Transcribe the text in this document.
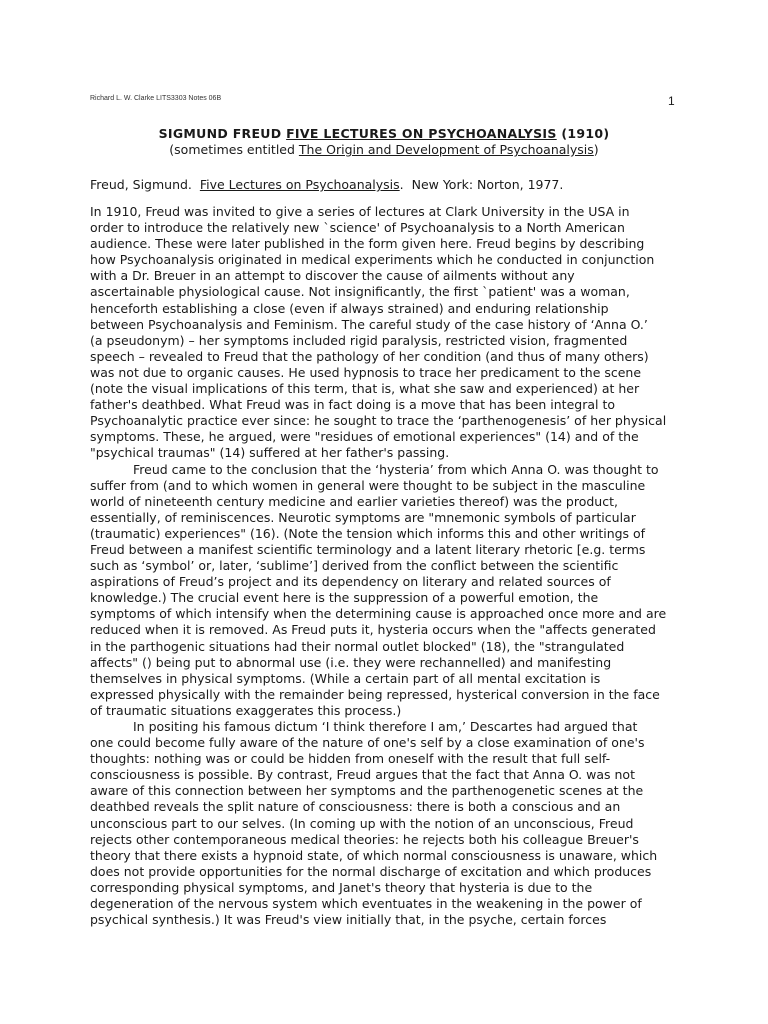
Richard L. W. Clarke LITS3303 Notes 06B	1
SIGMUND FREUD FIVE LECTURES ON PSYCHOANALYSIS (1910)
(sometimes entitled The Origin and Development of Psychoanalysis)
Freud, Sigmund.  Five Lectures on Psychoanalysis.  New York: Norton, 1977.
In 1910, Freud was invited to give a series of lectures at Clark University in the USA in
order to introduce the relatively new `science' of Psychoanalysis to a North American
audience. These were later published in the form given here. Freud begins by describing
how Psychoanalysis originated in medical experiments which he conducted in conjunction
with a Dr. Breuer in an attempt to discover the cause of ailments without any
ascertainable physiological cause. Not insignificantly, the first `patient' was a woman,
henceforth establishing a close (even if always strained) and enduring relationship
between Psychoanalysis and Feminism. The careful study of the case history of ‘Anna O.’
(a pseudonym) – her symptoms included rigid paralysis, restricted vision, fragmented
speech – revealed to Freud that the pathology of her condition (and thus of many others)
was not due to organic causes. He used hypnosis to trace her predicament to the scene
(note the visual implications of this term, that is, what she saw and experienced) at her
father's deathbed. What Freud was in fact doing is a move that has been integral to
Psychoanalytic practice ever since: he sought to trace the ‘parthenogenesis’ of her physical
symptoms. These, he argued, were "residues of emotional experiences" (14) and of the
"psychical traumas" (14) suffered at her father's passing.
Freud came to the conclusion that the ‘hysteria’ from which Anna O. was thought to
suffer from (and to which women in general were thought to be subject in the masculine
world of nineteenth century medicine and earlier varieties thereof) was the product,
essentially, of reminiscences. Neurotic symptoms are "mnemonic symbols of particular
(traumatic) experiences" (16). (Note the tension which informs this and other writings of
Freud between a manifest scientific terminology and a latent literary rhetoric [e.g. terms
such as ‘symbol’ or, later, ‘sublime’] derived from the conflict between the scientific
aspirations of Freud’s project and its dependency on literary and related sources of
knowledge.) The crucial event here is the suppression of a powerful emotion, the
symptoms of which intensify when the determining cause is approached once more and are
reduced when it is removed. As Freud puts it, hysteria occurs when the "affects generated
in the parthogenic situations had their normal outlet blocked" (18), the "strangulated
affects" () being put to abnormal use (i.e. they were rechannelled) and manifesting
themselves in physical symptoms. (While a certain part of all mental excitation is
expressed physically with the remainder being repressed, hysterical conversion in the face
of traumatic situations exaggerates this process.)
In positing his famous dictum ‘I think therefore I am,’ Descartes had argued that
one could become fully aware of the nature of one's self by a close examination of one's
thoughts: nothing was or could be hidden from oneself with the result that full self-
consciousness is possible. By contrast, Freud argues that the fact that Anna O. was not
aware of this connection between her symptoms and the parthenogenetic scenes at the
deathbed reveals the split nature of consciousness: there is both a conscious and an
unconscious part to our selves. (In coming up with the notion of an unconscious, Freud
rejects other contemporaneous medical theories: he rejects both his colleague Breuer's
theory that there exists a hypnoid state, of which normal consciousness is unaware, which
does not provide opportunities for the normal discharge of excitation and which produces
corresponding physical symptoms, and Janet's theory that hysteria is due to the
degeneration of the nervous system which eventuates in the weakening in the power of
psychical synthesis.) It was Freud's view initially that, in the psyche, certain forces
